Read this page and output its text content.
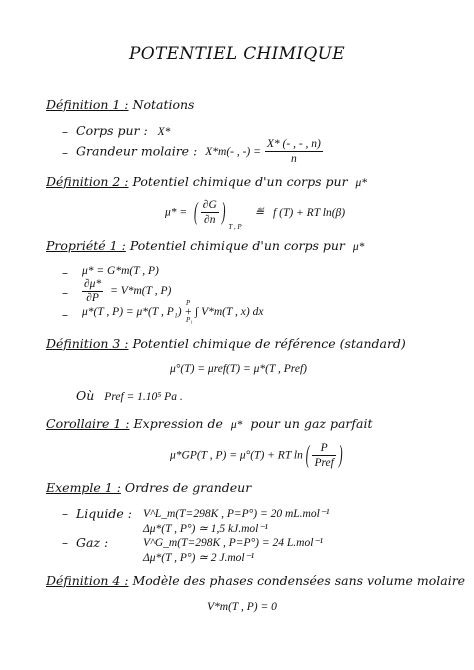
POTENTIEL CHIMIQUE
Définition 1 : Notations
– Corps pur : X*
– Grandeur molaire : X*m(- , -) = $\frac{X* (- , - , n)}{n}$
Définition 2 : Potentiel chimique d'un corps pur μ*
μ* = ( $\frac{\partial G}{\partial n}$ ) $_{T , P}$ ≝ f (T) + RT ln(β)
Propriété 1 : Potentiel chimique d'un corps pur μ*
– μ* = G*m(T , P)
– $\frac{\partial\mu*}{\partial P} = V*m(T$ , P)
– μ*(T , P) = μ*(T , P₁) + ∫ V*m(T , x) dx
P
P₁
Définition 3 : Potentiel chimique de référence (standard)
μ°(T) = μref(T) = μ*(T , Pref)
Où Pref = 1.10⁵ Pa .
Corollaire 1 : Expression de μ* pour un gaz parfait
μ*GP(T , P) = μ°(T) + RT ln ( $\frac{P}{\text{Pref}}$ )
Exemple 1 : Ordres de grandeur
– Liquide : V^L_m(T=298K , P=P°) = 20 mL.mol⁻¹
Δμ*(T , P°) ≃ 1,5 kJ.mol⁻¹
– Gaz :	V^G_m(T=298K , P=P°) = 24 L.mol⁻¹
Δμ*(T , P°) ≃ 2 J.mol⁻¹
Définition 4 : Modèle des phases condensées sans volume molaire
V*m(T , P) = 0
